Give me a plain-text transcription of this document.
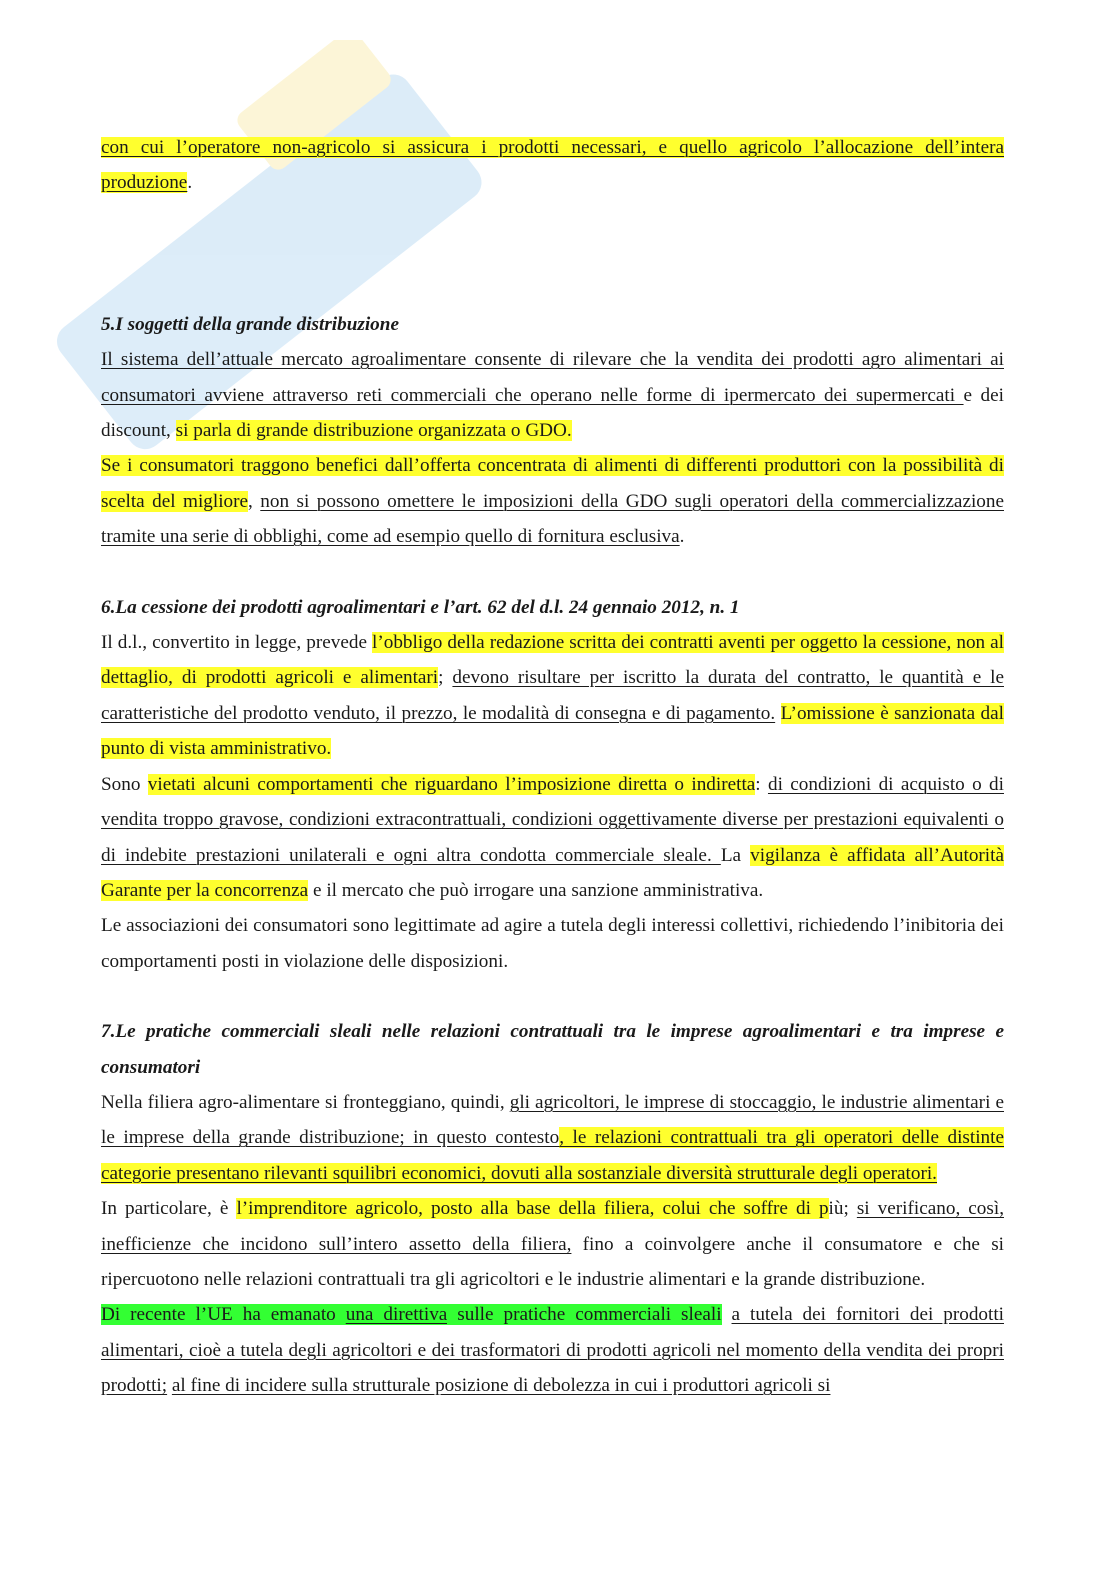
con cui l’operatore non-agricolo si assicura i prodotti necessari, e quello agricolo l’allocazione dell’intera produzione.

5.I soggetti della grande distribuzione

Il sistema dell’attuale mercato agroalimentare consente di rilevare che la vendita dei prodotti agro alimentari ai consumatori avviene attraverso reti commerciali che operano nelle forme di ipermercato dei supermercati e dei discount, si parla di grande distribuzione organizzata o GDO.

Se i consumatori traggono benefici dall’offerta concentrata di alimenti di differenti produttori con la possibilità di scelta del migliore, non si possono omettere le imposizioni della GDO sugli operatori della commercializzazione tramite una serie di obblighi, come ad esempio quello di fornitura esclusiva.

6.La cessione dei prodotti agroalimentari e l’art. 62 del d.l. 24 gennaio 2012, n. 1

Il d.l., convertito in legge, prevede l’obbligo della redazione scritta dei contratti aventi per oggetto la cessione, non al dettaglio, di prodotti agricoli e alimentari; devono risultare per iscritto la durata del contratto, le quantità e le caratteristiche del prodotto venduto, il prezzo, le modalità di consegna e di pagamento. L’omissione è sanzionata dal punto di vista amministrativo.

Sono vietati alcuni comportamenti che riguardano l’imposizione diretta o indiretta: di condizioni di acquisto o di vendita troppo gravose, condizioni extracontrattuali, condizioni oggettivamente diverse per prestazioni equivalenti o di indebite prestazioni unilaterali e ogni altra condotta commerciale sleale. La vigilanza è affidata all’Autorità Garante per la concorrenza e il mercato che può irrogare una sanzione amministrativa.

Le associazioni dei consumatori sono legittimate ad agire a tutela degli interessi collettivi, richiedendo l’inibitoria dei comportamenti posti in violazione delle disposizioni.

7.Le pratiche commerciali sleali nelle relazioni contrattuali tra le imprese agroalimentari e tra imprese e consumatori

Nella filiera agro-alimentare si fronteggiano, quindi, gli agricoltori, le imprese di stoccaggio, le industrie alimentari e le imprese della grande distribuzione; in questo contesto, le relazioni contrattuali tra gli operatori delle distinte categorie presentano rilevanti squilibri economici, dovuti alla sostanziale diversità strutturale degli operatori.

In particolare, è l’imprenditore agricolo, posto alla base della filiera, colui che soffre di più; si verificano, così, inefficienze che incidono sull’intero assetto della filiera, fino a coinvolgere anche il consumatore e che si ripercuotono nelle relazioni contrattuali tra gli agricoltori e le industrie alimentari e la grande distribuzione.

Di recente l’UE ha emanato una direttiva sulle pratiche commerciali sleali a tutela dei fornitori dei prodotti alimentari, cioè a tutela degli agricoltori e dei trasformatori di prodotti agricoli nel momento della vendita dei propri prodotti; al fine di incidere sulla strutturale posizione di debolezza in cui i produttori agricoli si
